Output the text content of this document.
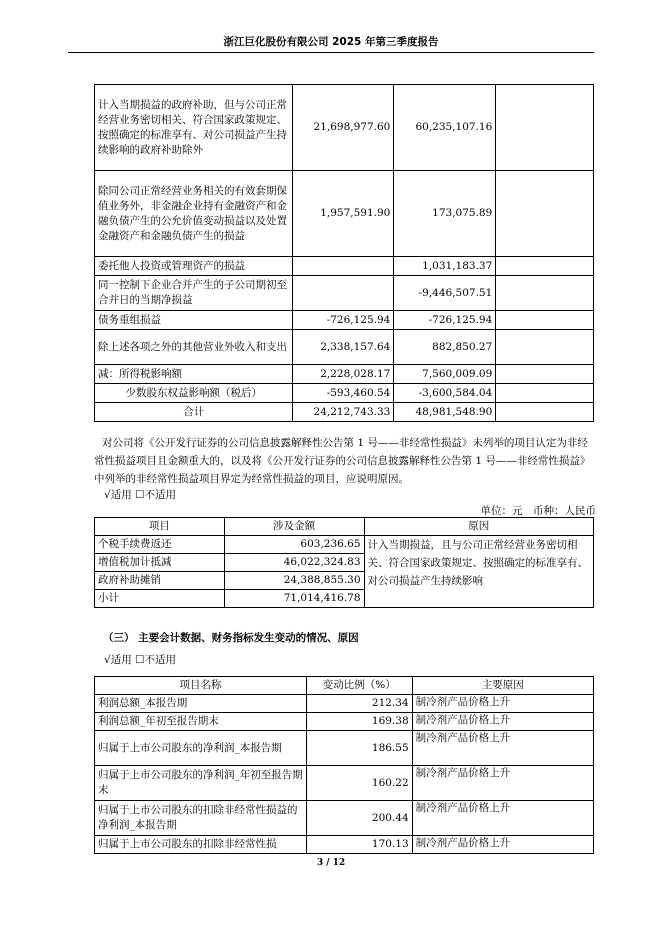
浙江巨化股份有限公司 2025 年第三季度报告
计入当期损益的政府补助，但与公司正常经营业务密切相关、符合国家政策规定、按照确定的标准享有、对公司损益产生持续影响的政府补助除外	21,698,977.60	60,235,107.16	
除同公司正常经营业务相关的有效套期保值业务外，非金融企业持有金融资产和金融负债产生的公允价值变动损益以及处置金融资产和金融负债产生的损益	1,957,591.90	173,075.89	
委托他人投资或管理资产的损益		1,031,183.37	
同一控制下企业合并产生的子公司期初至合并日的当期净损益		-9,446,507.51	
债务重组损益	-726,125.94	-726,125.94	
除上述各项之外的其他营业外收入和支出	2,338,157.64	882,850.27	
减：所得税影响额	2,228,028.17	7,560,009.09	
少数股东权益影响额（税后）	-593,460.54	-3,600,584.04	
合计	24,212,743.33	48,981,548.90	
对公司将《公开发行证券的公司信息披露解释性公告第 1 号——非经常性损益》未列举的项目认定为非经常性损益项目且金额重大的，以及将《公开发行证券的公司信息披露解释性公告第 1 号——非经常性损益》中列举的非经常性损益项目界定为经常性损益的项目，应说明原因。
√适用 ☐不适用
单位：元　币种：人民币
项目	涉及金额	原因
个税手续费返还	603,236.65	计入当期损益，且与公司正常经营业务密切相关、符合国家政策规定、按照确定的标准享有、对公司损益产生持续影响
增值税加计抵减	46,022,324.83	
政府补助摊销	24,388,855.30	
小计	71,014,416.78	
（三） 主要会计数据、财务指标发生变动的情况、原因
√适用 ☐不适用
项目名称	变动比例（%）	主要原因
利润总额_本报告期	212.34	制冷剂产品价格上升
利润总额_年初至报告期末	169.38	制冷剂产品价格上升
归属于上市公司股东的净利润_本报告期	186.55	制冷剂产品价格上升
归属于上市公司股东的净利润_年初至报告期末	160.22	制冷剂产品价格上升
归属于上市公司股东的扣除非经常性损益的净利润_本报告期	200.44	制冷剂产品价格上升
归属于上市公司股东的扣除非经常性损	170.13	制冷剂产品价格上升
3 / 12
